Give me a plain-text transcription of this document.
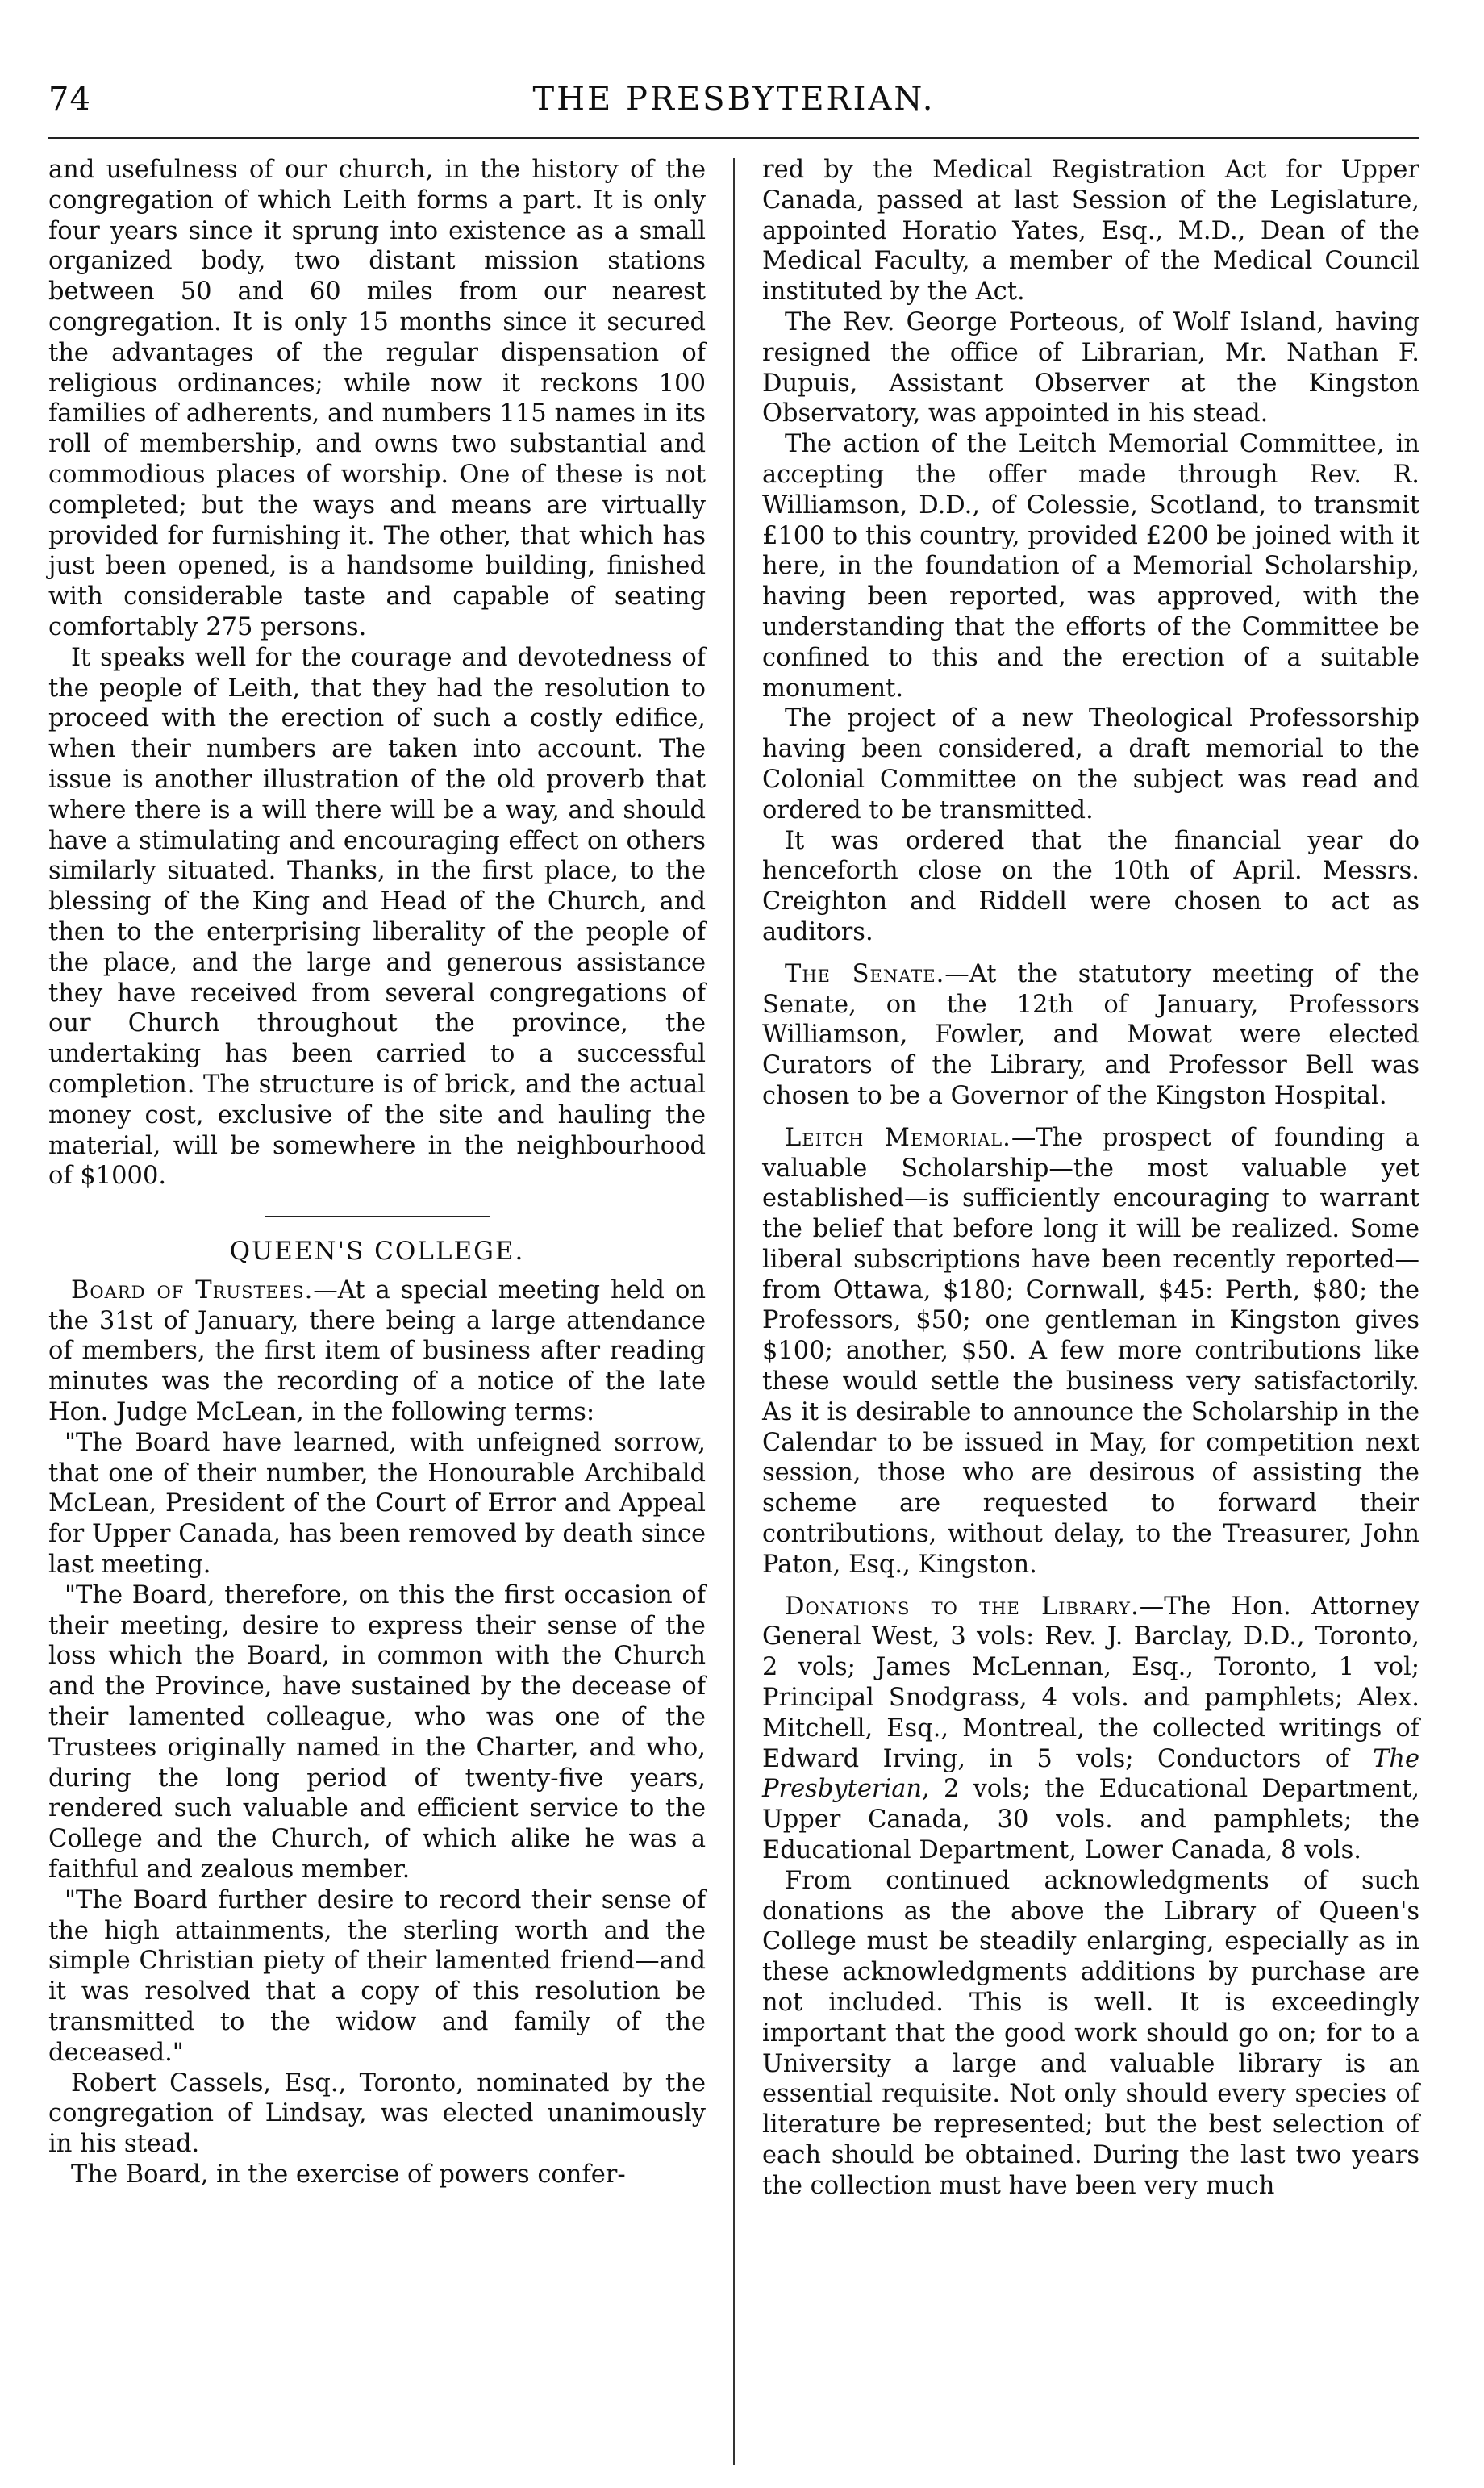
74	THE PRESBYTERIAN.

and usefulness of our church, in the history of the congregation of which Leith forms a part. It is only four years since it sprung into existence as a small organized body, two distant mission stations between 50 and 60 miles from our nearest congregation. It is only 15 months since it secured the advantages of the regular dispensation of religious ordinances; while now it reckons 100 families of adherents, and numbers 115 names in its roll of membership, and owns two substantial and commodious places of worship. One of these is not completed; but the ways and means are virtually provided for furnishing it. The other, that which has just been opened, is a handsome building, finished with considerable taste and capable of seating comfortably 275 persons.

It speaks well for the courage and devotedness of the people of Leith, that they had the resolution to proceed with the erection of such a costly edifice, when their numbers are taken into account. The issue is another illustration of the old proverb that where there is a will there will be a way, and should have a stimulating and encouraging effect on others similarly situated. Thanks, in the first place, to the blessing of the King and Head of the Church, and then to the enterprising liberality of the people of the place, and the large and generous assistance they have received from several congregations of our Church throughout the province, the undertaking has been carried to a successful completion. The structure is of brick, and the actual money cost, exclusive of the site and hauling the material, will be somewhere in the neighbourhood of $1000.

QUEEN'S COLLEGE.

Board of Trustees.—At a special meeting held on the 31st of January, there being a large attendance of members, the first item of business after reading minutes was the recording of a notice of the late Hon. Judge McLean, in the following terms:

"The Board have learned, with unfeigned sorrow, that one of their number, the Honourable Archibald McLean, President of the Court of Error and Appeal for Upper Canada, has been removed by death since last meeting.

"The Board, therefore, on this the first occasion of their meeting, desire to express their sense of the loss which the Board, in common with the Church and the Province, have sustained by the decease of their lamented colleague, who was one of the Trustees originally named in the Charter, and who, during the long period of twenty-five years, rendered such valuable and efficient service to the College and the Church, of which alike he was a faithful and zealous member.

"The Board further desire to record their sense of the high attainments, the sterling worth and the simple Christian piety of their lamented friend—and it was resolved that a copy of this resolution be transmitted to the widow and family of the deceased."

Robert Cassels, Esq., Toronto, nominated by the congregation of Lindsay, was elected unanimously in his stead.

The Board, in the exercise of powers confer-

red by the Medical Registration Act for Upper Canada, passed at last Session of the Legislature, appointed Horatio Yates, Esq., M.D., Dean of the Medical Faculty, a member of the Medical Council instituted by the Act.

The Rev. George Porteous, of Wolf Island, having resigned the office of Librarian, Mr. Nathan F. Dupuis, Assistant Observer at the Kingston Observatory, was appointed in his stead.

The action of the Leitch Memorial Committee, in accepting the offer made through Rev. R. Williamson, D.D., of Colessie, Scotland, to transmit £100 to this country, provided £200 be joined with it here, in the foundation of a Memorial Scholarship, having been reported, was approved, with the understanding that the efforts of the Committee be confined to this and the erection of a suitable monument.

The project of a new Theological Professorship having been considered, a draft memorial to the Colonial Committee on the subject was read and ordered to be transmitted.

It was ordered that the financial year do henceforth close on the 10th of April. Messrs. Creighton and Riddell were chosen to act as auditors.

The Senate.—At the statutory meeting of the Senate, on the 12th of January, Professors Williamson, Fowler, and Mowat were elected Curators of the Library, and Professor Bell was chosen to be a Governor of the Kingston Hospital.

Leitch Memorial.—The prospect of founding a valuable Scholarship—the most valuable yet established—is sufficiently encouraging to warrant the belief that before long it will be realized. Some liberal subscriptions have been recently reported—from Ottawa, $180; Cornwall, $45: Perth, $80; the Professors, $50; one gentleman in Kingston gives $100; another, $50. A few more contributions like these would settle the business very satisfactorily. As it is desirable to announce the Scholarship in the Calendar to be issued in May, for competition next session, those who are desirous of assisting the scheme are requested to forward their contributions, without delay, to the Treasurer, John Paton, Esq., Kingston.

Donations to the Library.—The Hon. Attorney General West, 3 vols: Rev. J. Barclay, D.D., Toronto, 2 vols; James McLennan, Esq., Toronto, 1 vol; Principal Snodgrass, 4 vols. and pamphlets; Alex. Mitchell, Esq., Montreal, the collected writings of Edward Irving, in 5 vols; Conductors of The Presbyterian, 2 vols; the Educational Department, Upper Canada, 30 vols. and pamphlets; the Educational Department, Lower Canada, 8 vols.

From continued acknowledgments of such donations as the above the Library of Queen's College must be steadily enlarging, especially as in these acknowledgments additions by purchase are not included. This is well. It is exceedingly important that the good work should go on; for to a University a large and valuable library is an essential requisite. Not only should every species of literature be represented; but the best selection of each should be obtained. During the last two years the collection must have been very much
